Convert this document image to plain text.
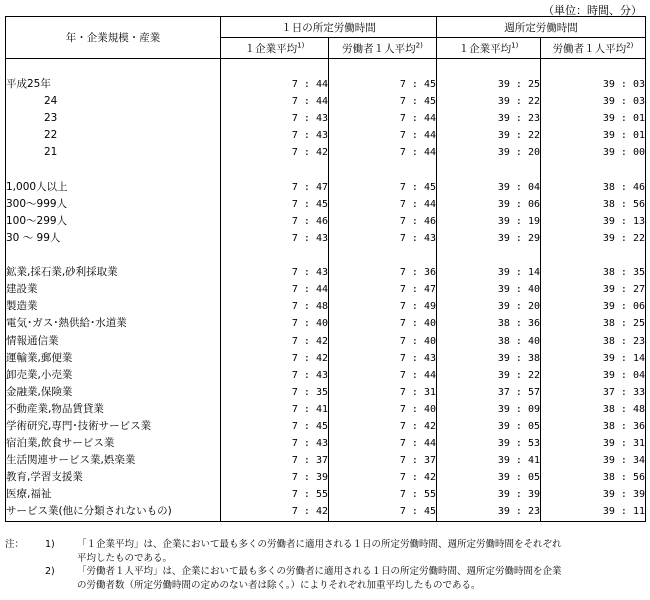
（単位：時間、分）
年・企業規模・産業	１日の所定労働時間		週所定労働時間	
	１企業平均$^{1)}$	労働者１人平均$^{2)}$	１企業平均$^{1)}$	労働者１人平均$^{2)}$

平成25年	7 : 44	7 : 45	39 : 25	39 : 03
24	7 : 44	7 : 45	39 : 22	39 : 03
23	7 : 43	7 : 44	39 : 23	39 : 01
22	7 : 43	7 : 44	39 : 22	39 : 01
21	7 : 42	7 : 44	39 : 20	39 : 00

1,000人以上	7 : 47	7 : 45	39 : 04	38 : 46
300～999人	7 : 45	7 : 44	39 : 06	38 : 56
100～299人	7 : 46	7 : 46	39 : 19	39 : 13
30 ～ 99人	7 : 43	7 : 43	39 : 29	39 : 22

鉱業,採石業,砂利採取業	7 : 43	7 : 36	39 : 14	38 : 35
建設業	7 : 44	7 : 47	39 : 40	39 : 27
製造業	7 : 48	7 : 49	39 : 20	39 : 06
電気･ガス･熱供給･水道業	7 : 40	7 : 40	38 : 36	38 : 25
情報通信業	7 : 42	7 : 40	38 : 40	38 : 23
運輸業,郵便業	7 : 42	7 : 43	39 : 38	39 : 14
卸売業,小売業	7 : 43	7 : 44	39 : 22	39 : 04
金融業,保険業	7 : 35	7 : 31	37 : 57	37 : 33
不動産業,物品賃貸業	7 : 41	7 : 40	39 : 09	38 : 48
学術研究,専門･技術サービス業	7 : 45	7 : 42	39 : 05	38 : 36
宿泊業,飲食サービス業	7 : 43	7 : 44	39 : 53	39 : 31
生活関連サービス業,娯楽業	7 : 37	7 : 37	39 : 41	39 : 34
教育,学習支援業	7 : 39	7 : 42	39 : 05	38 : 56
医療,福祉	7 : 55	7 : 55	39 : 39	39 : 39
サービス業(他に分類されないもの)	7 : 42	7 : 45	39 : 23	39 : 11
注：	1)	「１企業平均」は、企業において最も多くの労働者に適用される１日の所定労働時間、週所定労働時間をそれぞれ
平均したものである。
2)	「労働者１人平均」は、企業において最も多くの労働者に適用される１日の所定労働時間、週所定労働時間を企業
の労働者数（所定労働時間の定めのない者は除く。）によりそれぞれ加重平均したものである。
